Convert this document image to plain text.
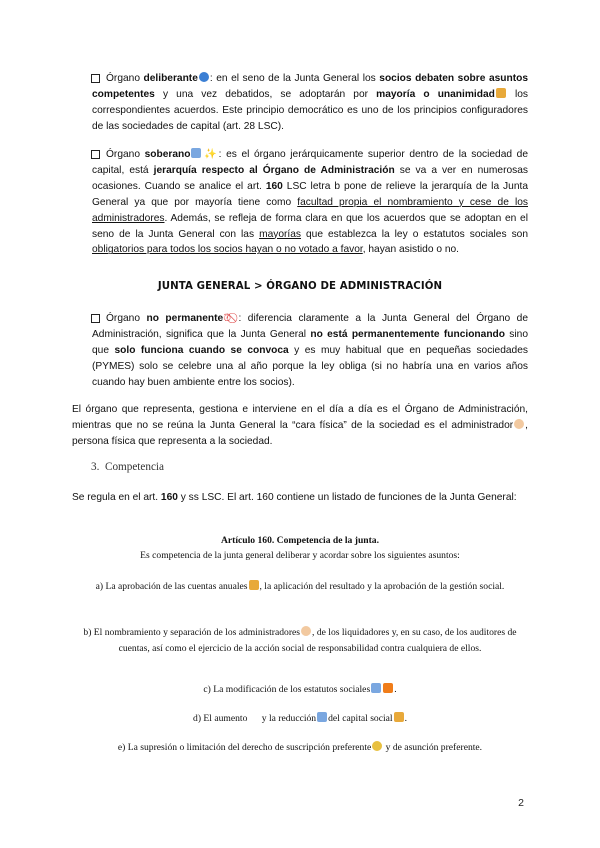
Órgano deliberante : en el seno de la Junta General los socios debaten sobre asuntos competentes y una vez debatidos, se adoptarán por mayoría o unanimidad los correspondientes acuerdos. Este principio democrático es uno de los principios configuradores de las sociedades de capital (art. 28 LSC).
Órgano soberano ✨: es el órgano jerárquicamente superior dentro de la sociedad de capital, está jerarquía respecto al Órgano de Administración se va a ver en numerosas ocasiones. Cuando se analice el art. 160 LSC letra b pone de relieve la jerarquía de la Junta General ya que por mayoría tiene como facultad propia el nombramiento y cese de los administradores. Además, se refleja de forma clara en que los acuerdos que se adoptan en el seno de la Junta General con las mayorías que establezca la ley o estatutos sociales son obligatorios para todos los socios hayan o no votado a favor, hayan asistido o no.
JUNTA GENERAL > ÓRGANO DE ADMINISTRACIÓN
Órgano no permanente⏰: diferencia claramente a la Junta General del Órgano de Administración, significa que la Junta General no está permanentemente funcionando sino que solo funciona cuando se convoca y es muy habitual que en pequeñas sociedades (PYMES) solo se celebre una al año porque la ley obliga (si no habría una en varios años cuando hay buen ambiente entre los socios).
El órgano que representa, gestiona e interviene en el día a día es el Órgano de Administración, mientras que no se reúna la Junta General la “cara física” de la sociedad es el administrador , persona física que representa a la sociedad.
3. Competencia
Se regula en el art. 160 y ss LSC. El art. 160 contiene un listado de funciones de la Junta General:
Artículo 160. Competencia de la junta.
Es competencia de la junta general deliberar y acordar sobre los siguientes asuntos:
a) La aprobación de las cuentas anuales , la aplicación del resultado y la aprobación de la gestión social.
b) El nombramiento y separación de los administradores , de los liquidadores y, en su caso, de los auditores de cuentas, así como el ejercicio de la acción social de responsabilidad contra cualquiera de ellos.
c) La modificación de los estatutos sociales	.
d) El aumento y la reducción del capital social .
e) La supresión o limitación del derecho de suscripción preferente y de asunción preferente.
2
